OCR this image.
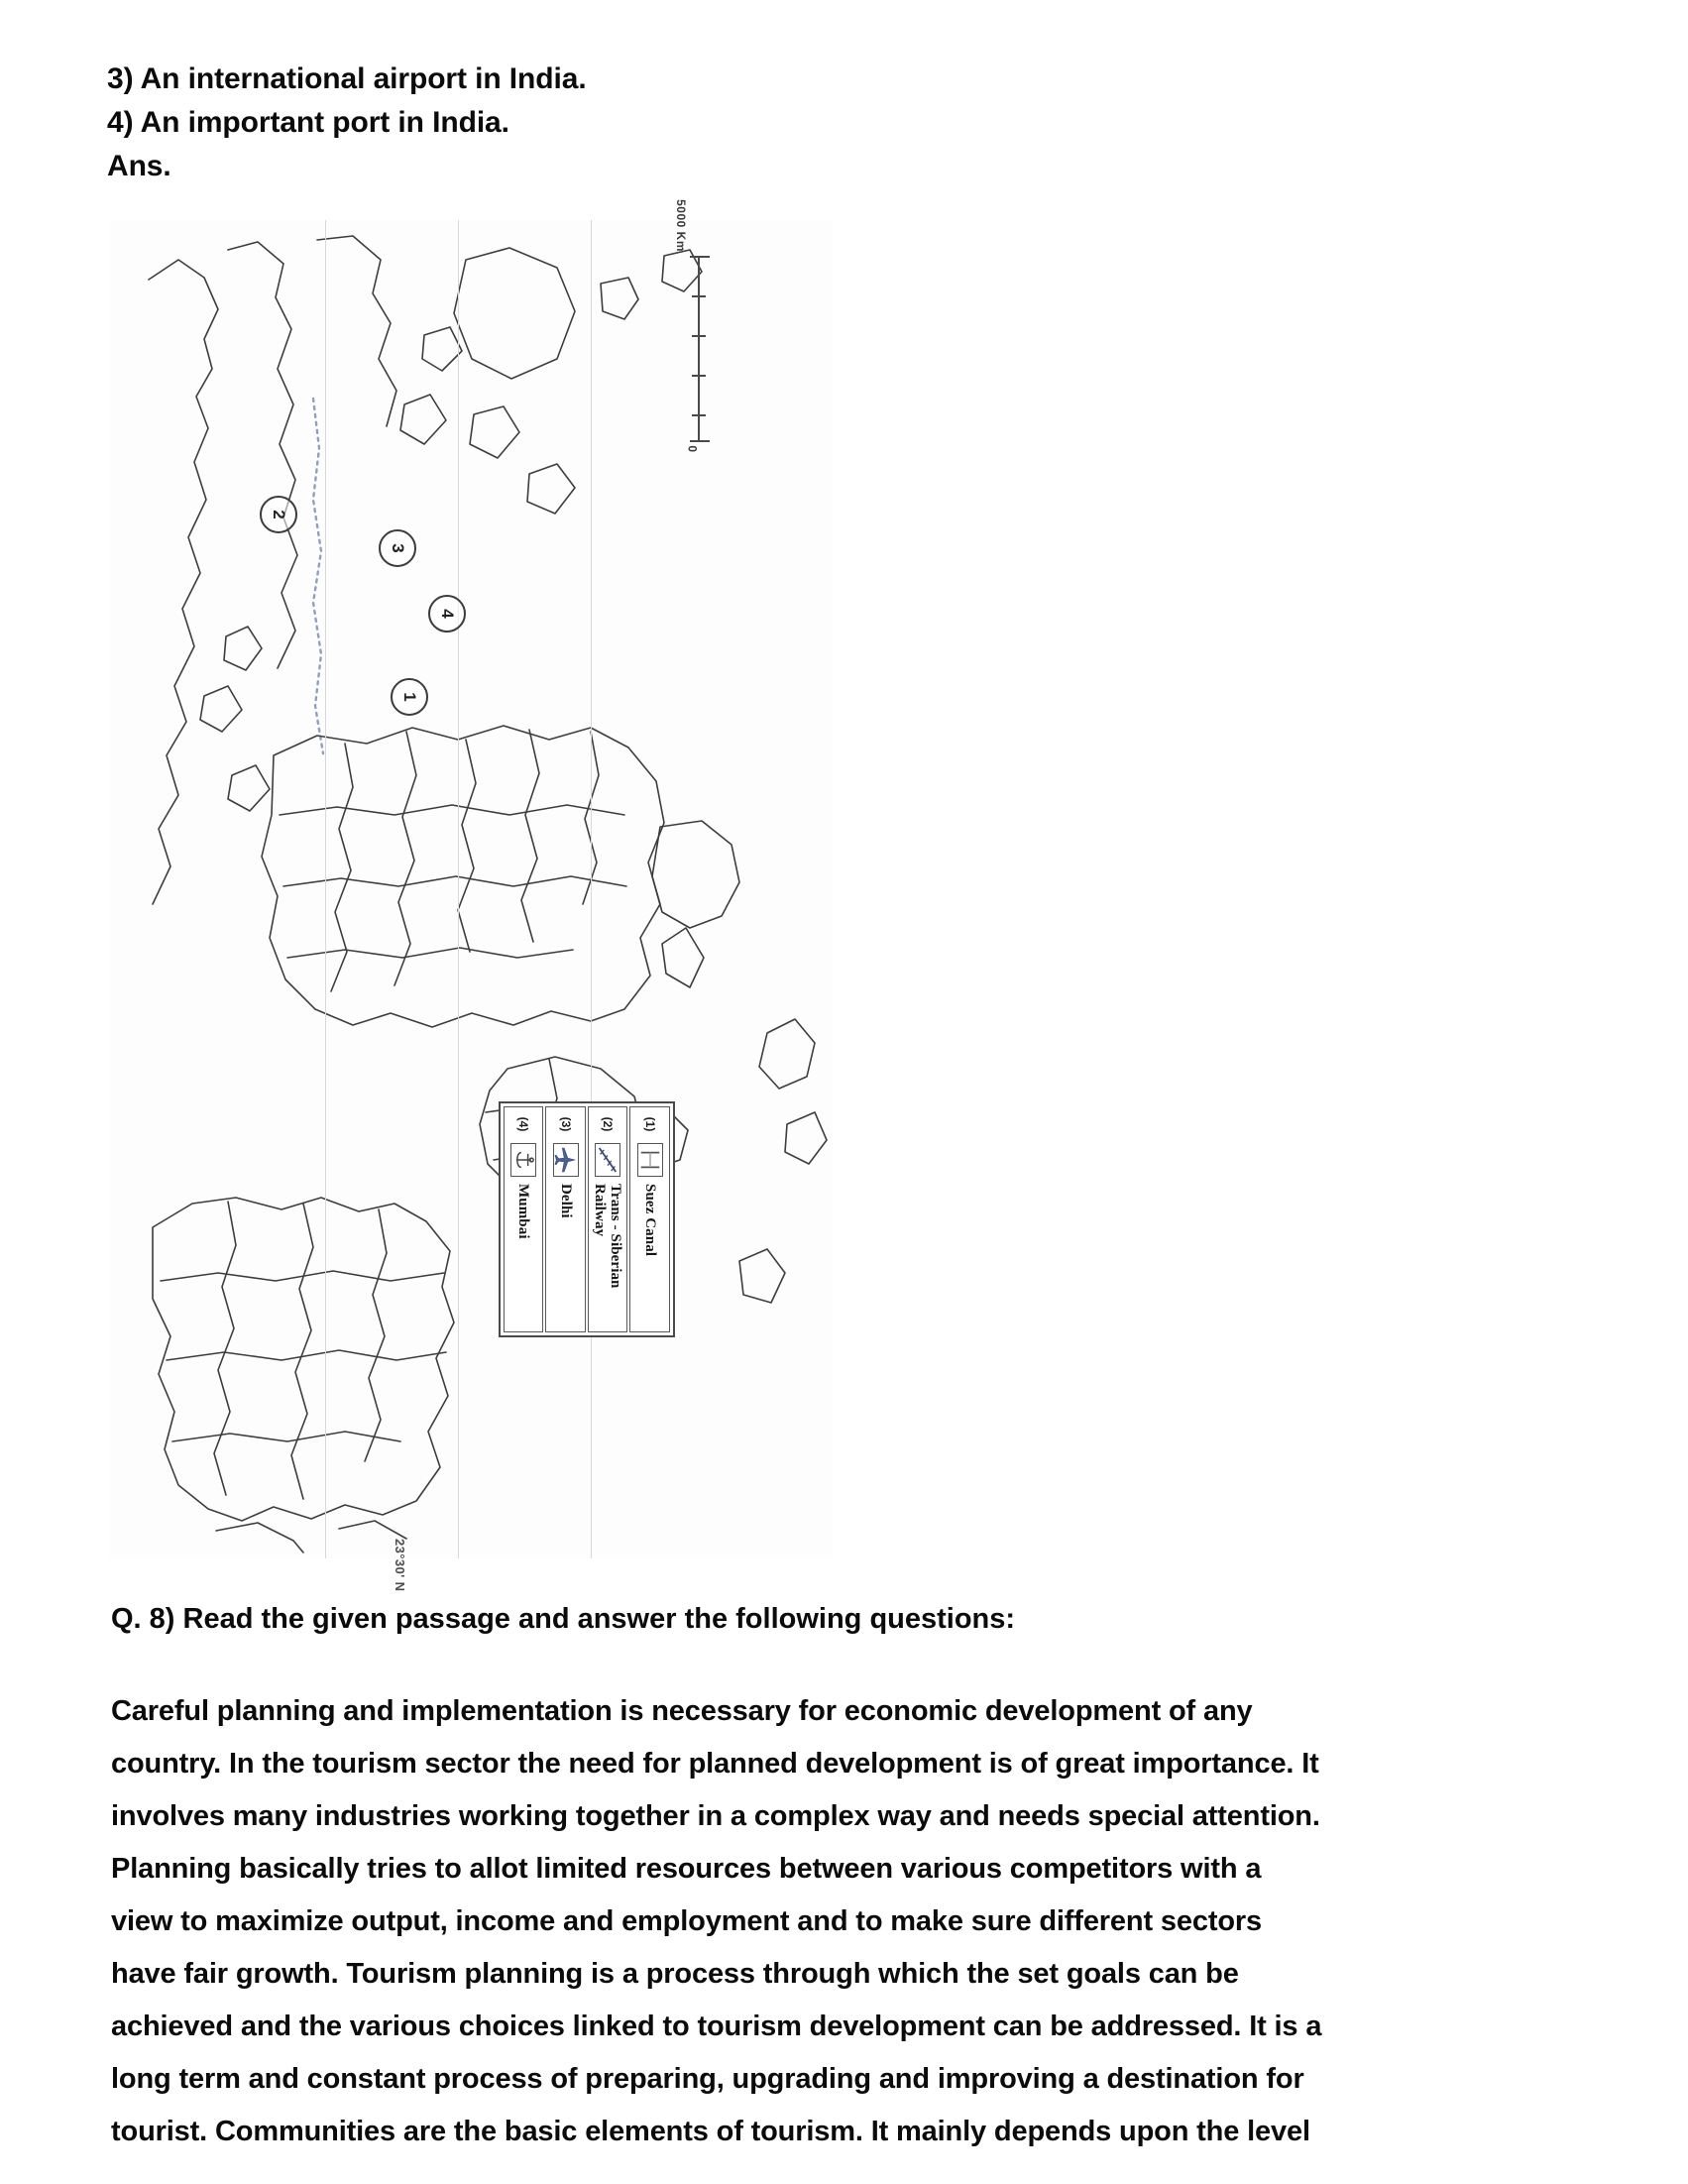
3) An international airport in India.
4) An important port in India.
Ans.
5000 Km
0
2
3
4
1
23°30' N
(1)
Suez Canal
(2)
Trans - Siberian Railway
(3)
Delhi
(4)
Mumbai
Q. 8) Read the given passage and answer the following questions:

Careful planning and implementation is necessary for economic development of any

country. In the tourism sector the need for planned development is of great importance. It

involves many industries working together in a complex way and needs special attention.

Planning basically tries to allot limited resources between various competitors with a

view to maximize output, income and employment and to make sure different sectors

have fair growth. Tourism planning is a process through which the set goals can be

achieved and the various choices linked to tourism development can be addressed. It is a

long term and constant process of preparing, upgrading and improving a destination for

tourist. Communities are the basic elements of tourism. It mainly depends upon the level
